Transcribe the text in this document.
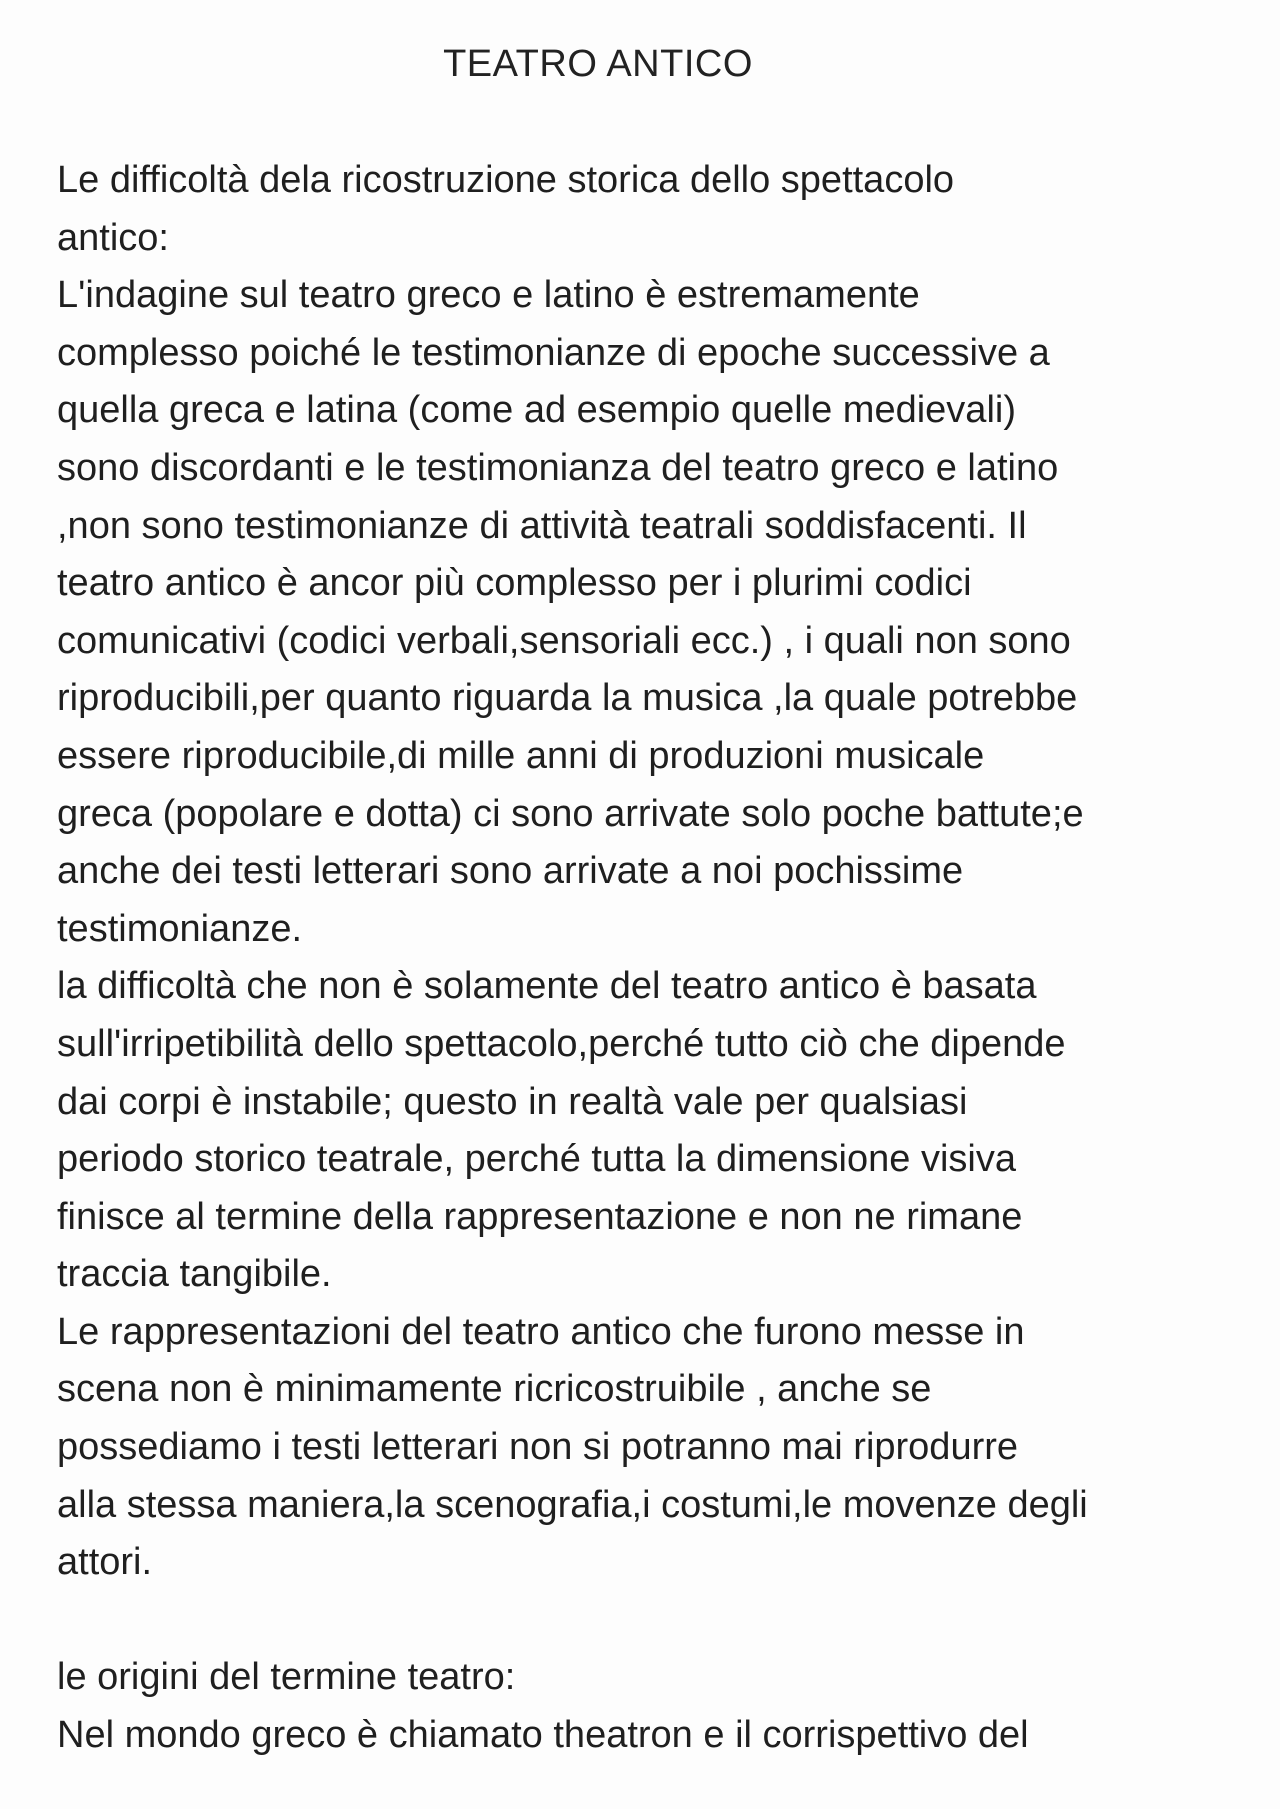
TEATRO ANTICO
Le difficoltà dela ricostruzione storica dello spettacolo
antico:
L'indagine sul teatro greco e latino è estremamente
complesso poiché le testimonianze di epoche successive a
quella greca e latina (come ad esempio quelle medievali)
sono discordanti e le testimonianza del teatro greco e latino
,non sono testimonianze di attività teatrali soddisfacenti. Il
teatro antico è ancor più complesso per i plurimi codici
comunicativi (codici verbali,sensoriali ecc.) , i quali non sono
riproducibili,per quanto riguarda la musica ,la quale potrebbe
essere riproducibile,di mille anni di produzioni musicale
greca (popolare e dotta) ci sono arrivate solo poche battute;e
anche dei testi letterari sono arrivate a noi pochissime
testimonianze.
la difficoltà che non è solamente del teatro antico è basata
sull'irripetibilità dello spettacolo,perché tutto ciò che dipende
dai corpi è instabile; questo in realtà vale per qualsiasi
periodo storico teatrale, perché tutta la dimensione visiva
finisce al termine della rappresentazione e non ne rimane
traccia tangibile.
Le rappresentazioni del teatro antico che furono messe in
scena non è minimamente ricricostruibile , anche se
possediamo i testi letterari non si potranno mai riprodurre
alla stessa maniera,la scenografia,i costumi,le movenze degli
attori.
le origini del termine teatro:
Nel mondo greco è chiamato theatron e il corrispettivo del
